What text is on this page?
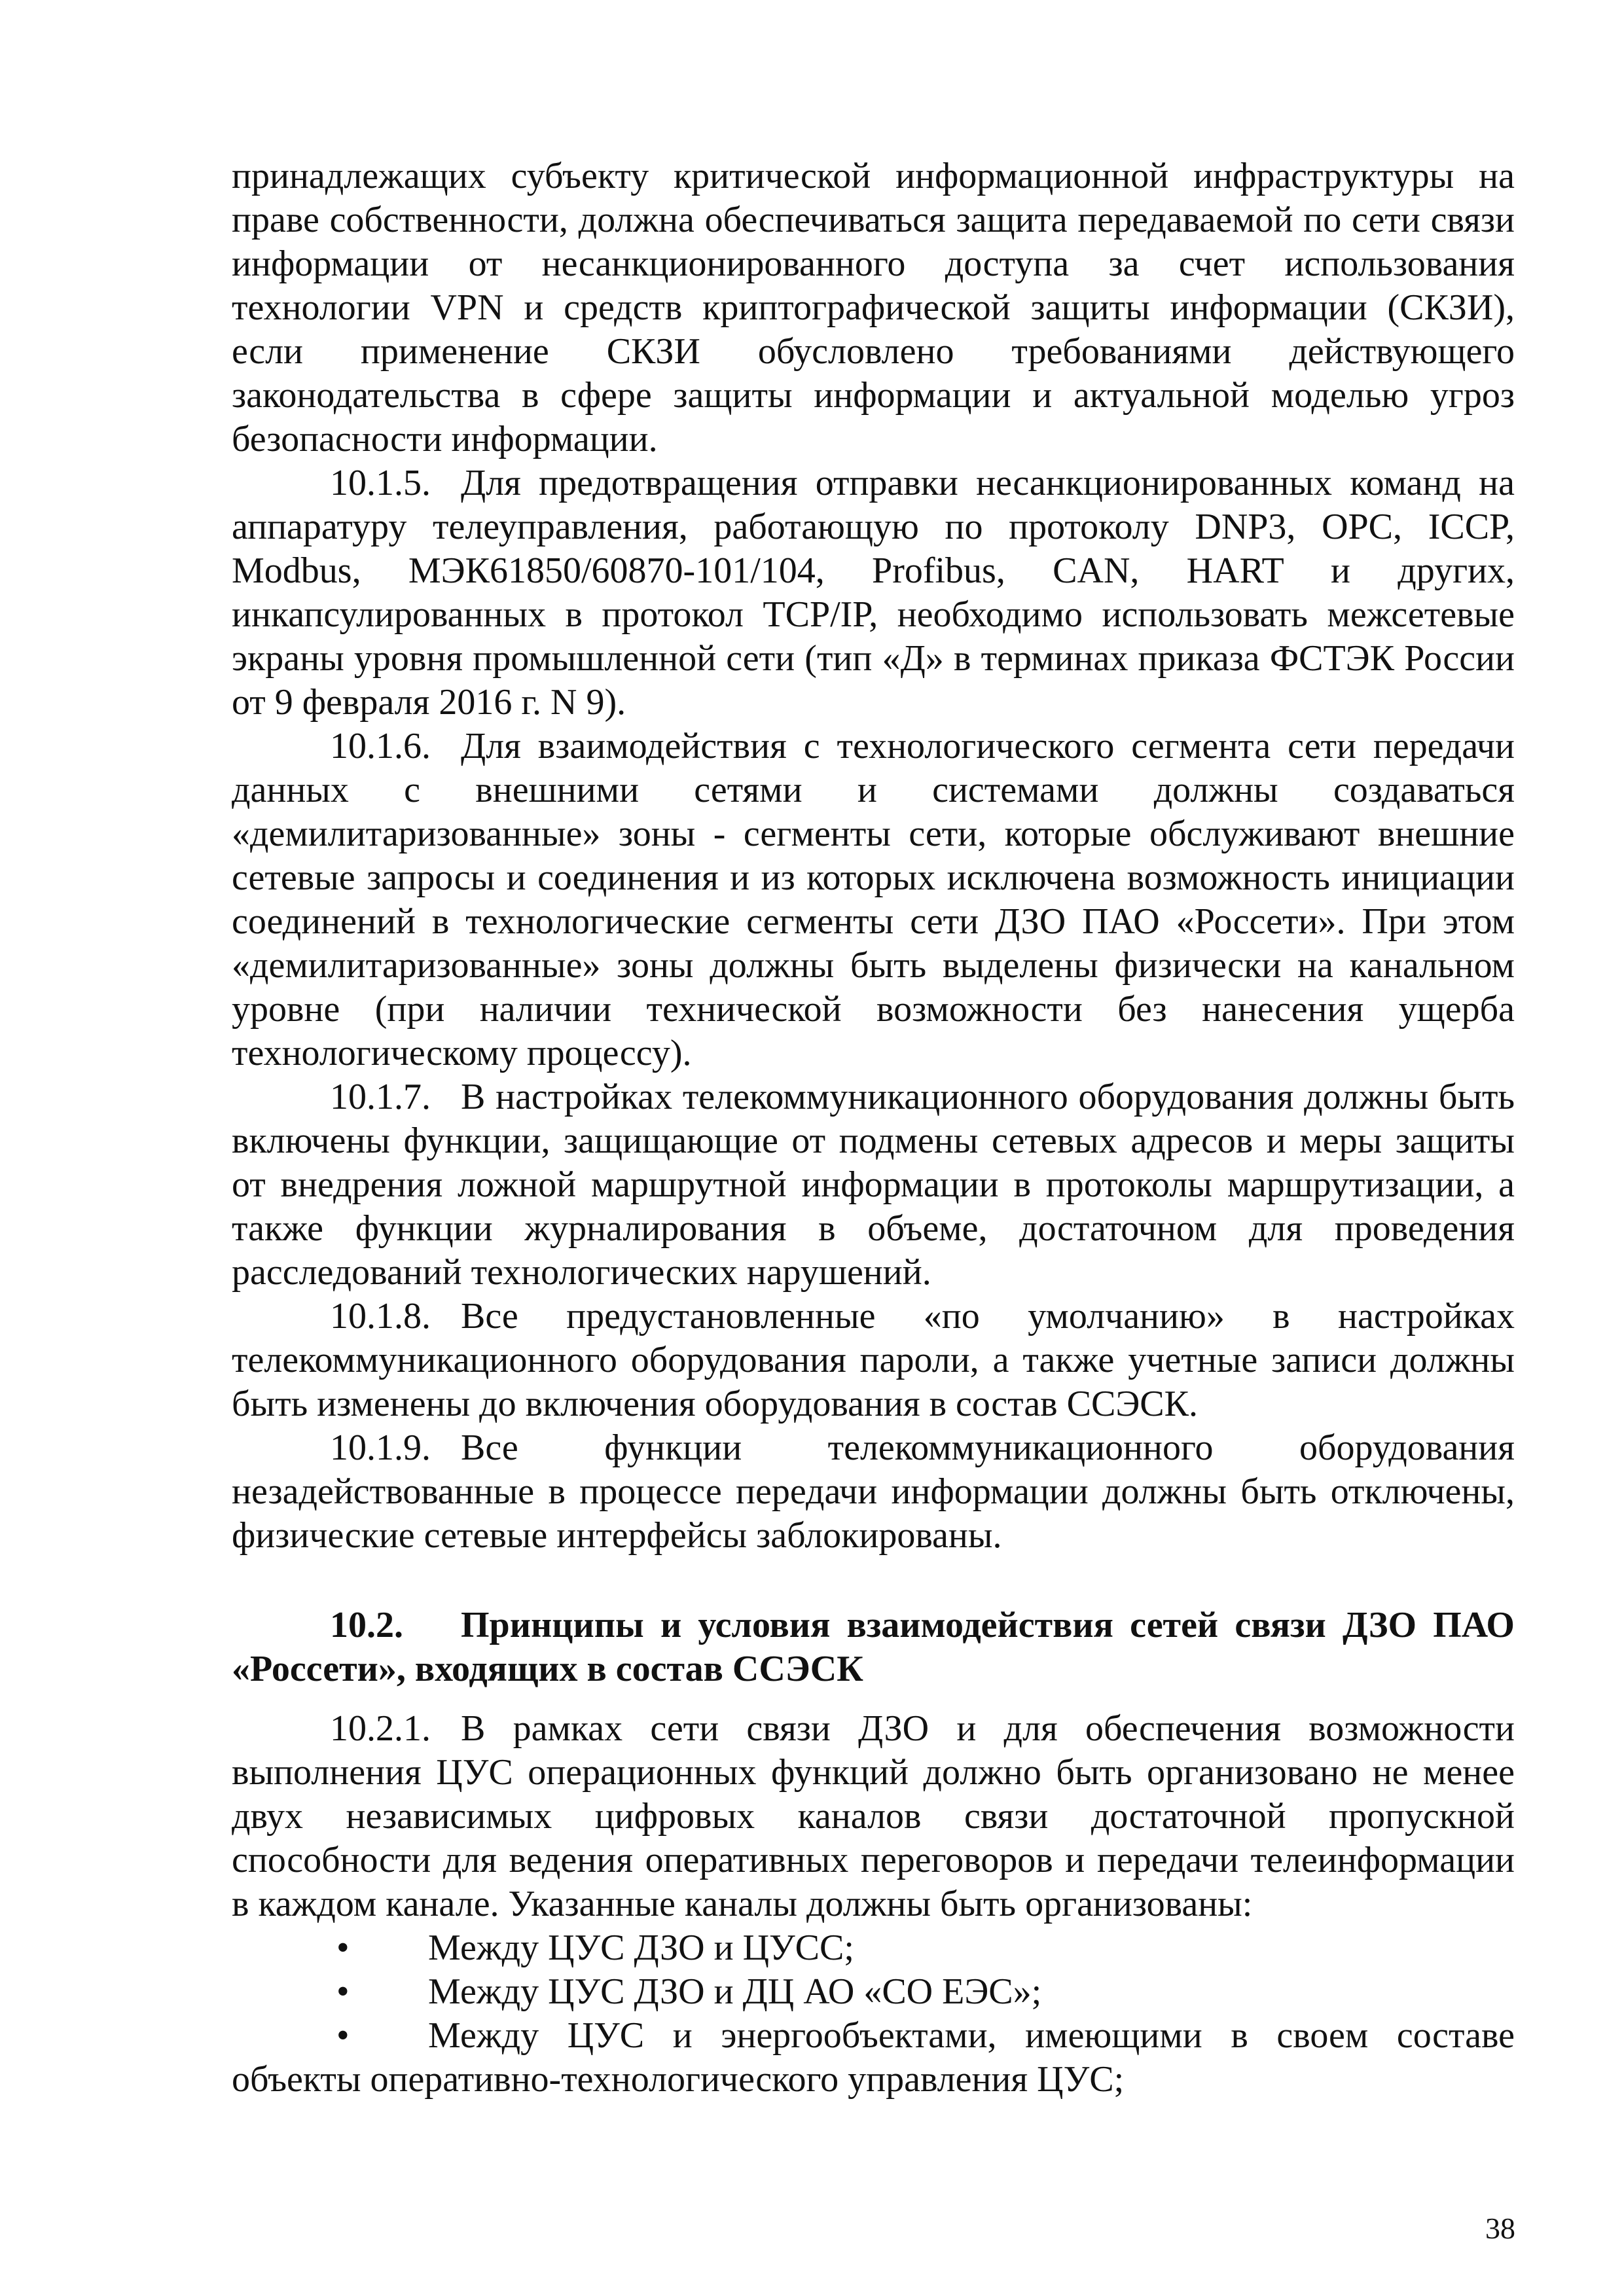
принадлежащих субъекту критической информационной инфраструктуры на праве собственности, должна обеспечиваться защита передаваемой по сети связи информации от несанкционированного доступа за счет использования технологии VPN и средств криптографической защиты информации (СКЗИ), если применение СКЗИ обусловлено требованиями действующего законодательства в сфере защиты информации и актуальной моделью угроз безопасности информации.

10.1.5. Для предотвращения отправки несанкционированных команд на аппаратуру телеуправления, работающую по протоколу DNP3, OPC, ICCP, Modbus, МЭК61850/60870-101/104, Profibus, CAN, HART и других, инкапсулированных в протокол TCP/IP, необходимо использовать межсетевые экраны уровня промышленной сети (тип «Д» в терминах приказа ФСТЭК России от 9 февраля 2016 г. N 9).

10.1.6. Для взаимодействия с технологического сегмента сети передачи данных с внешними сетями и системами должны создаваться «демилитаризованные» зоны - сегменты сети, которые обслуживают внешние сетевые запросы и соединения и из которых исключена возможность инициации соединений в технологические сегменты сети ДЗО ПАО «Россети». При этом «демилитаризованные» зоны должны быть выделены физически на канальном уровне (при наличии технической возможности без нанесения ущерба технологическому процессу).

10.1.7. В настройках телекоммуникационного оборудования должны быть включены функции, защищающие от подмены сетевых адресов и меры защиты от внедрения ложной маршрутной информации в протоколы маршрутизации, а также функции журналирования в объеме, достаточном для проведения расследований технологических нарушений.

10.1.8. Все предустановленные «по умолчанию» в настройках телекоммуникационного оборудования пароли, а также учетные записи должны быть изменены до включения оборудования в состав ССЭСК.

10.1.9. Все функции телекоммуникационного оборудования незадействованные в процессе передачи информации должны быть отключены, физические сетевые интерфейсы заблокированы.

10.2. Принципы и условия взаимодействия сетей связи ДЗО ПАО «Россети», входящих в состав ССЭСК

10.2.1. В рамках сети связи ДЗО и для обеспечения возможности выполнения ЦУС операционных функций должно быть организовано не менее двух независимых цифровых каналов связи достаточной пропускной способности для ведения оперативных переговоров и передачи телеинформации в каждом канале. Указанные каналы должны быть организованы:

• Между ЦУС ДЗО и ЦУСС;

• Между ЦУС ДЗО и ДЦ АО «СО ЕЭС»;

• Между ЦУС и энергообъектами, имеющими в своем составе объекты оперативно-технологического управления ЦУС;

38
